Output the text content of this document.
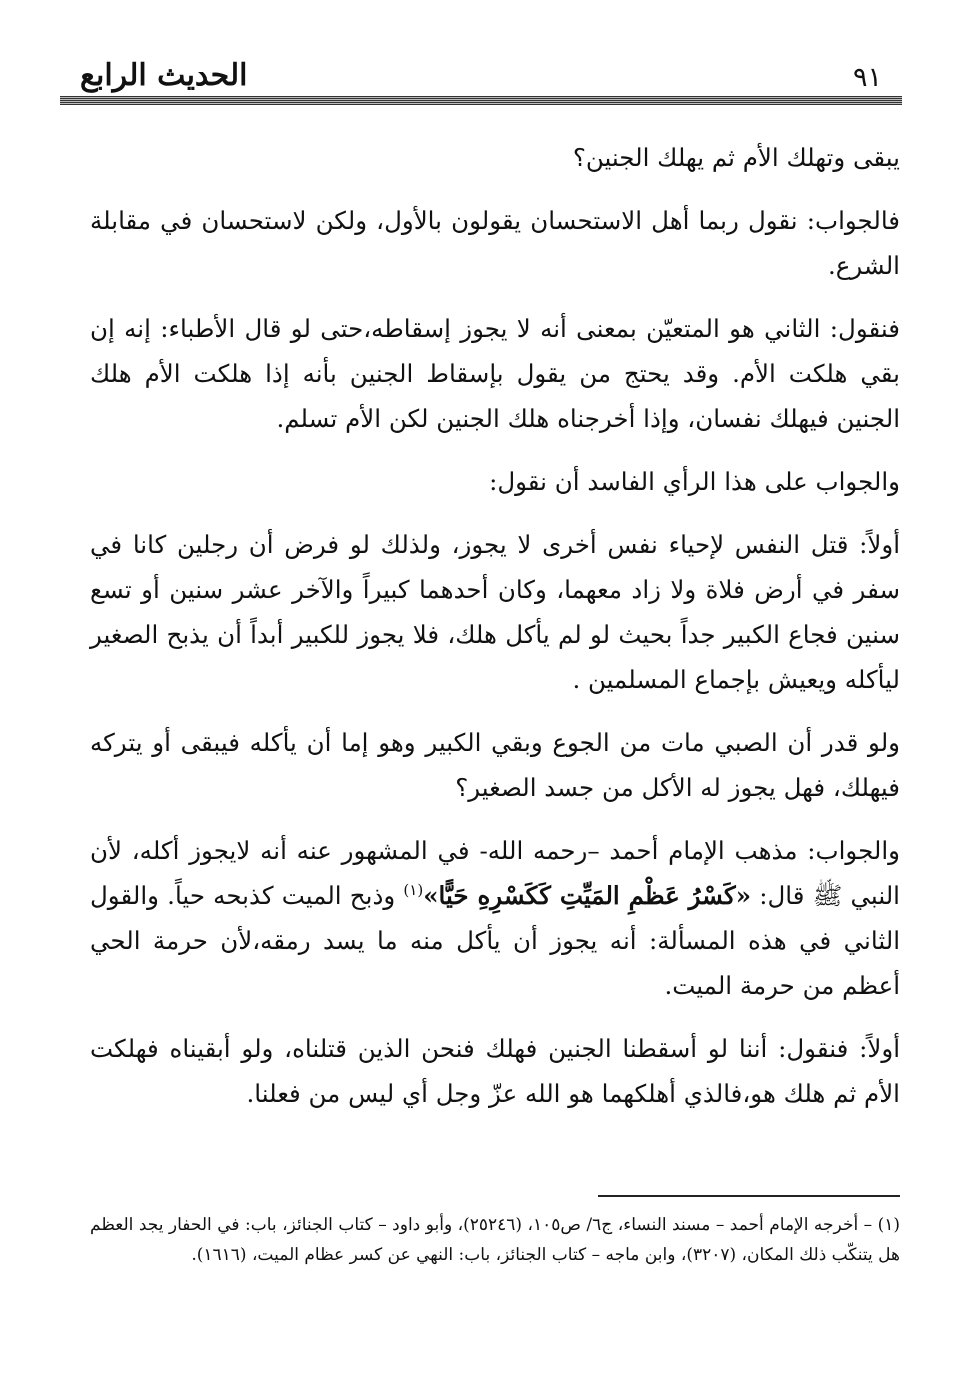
٩١
الحديث الرابع

يبقى وتهلك الأم ثم يهلك الجنين؟

فالجواب: نقول ربما أهل الاستحسان يقولون بالأول، ولكن لاستحسان في مقابلة الشرع.

فنقول: الثاني هو المتعيّن بمعنى أنه لا يجوز إسقاطه،حتى لو قال الأطباء: إنه إن بقي هلكت الأم. وقد يحتج من يقول بإسقاط الجنين بأنه إذا هلكت الأم هلك الجنين فيهلك نفسان، وإذا أخرجناه هلك الجنين لكن الأم تسلم.

والجواب على هذا الرأي الفاسد أن نقول:

أولاً: قتل النفس لإحياء نفس أخرى لا يجوز، ولذلك لو فرض أن رجلين كانا في سفر في أرض فلاة ولا زاد معهما، وكان أحدهما كبيراً والآخر عشر سنين أو تسع سنين فجاع الكبير جداً بحيث لو لم يأكل هلك، فلا يجوز للكبير أبداً أن يذبح الصغير ليأكله ويعيش بإجماع المسلمين .

ولو قدر أن الصبي مات من الجوع وبقي الكبير وهو إما أن يأكله فيبقى أو يتركه فيهلك، فهل يجوز له الأكل من جسد الصغير؟

والجواب: مذهب الإمام أحمد –رحمه الله- في المشهور عنه أنه لايجوز أكله، لأن النبي ﷺ قال: «كَسْرُ عَظْمِ المَيِّتِ كَكَسْرِهِ حَيًّا»$^{(١)}$ وذبح الميت كذبحه حياً. والقول الثاني في هذه المسألة: أنه يجوز أن يأكل منه ما يسد رمقه،لأن حرمة الحي أعظم من حرمة الميت.

أولاً: فنقول: أننا لو أسقطنا الجنين فهلك فنحن الذين قتلناه، ولو أبقيناه فهلكت الأم ثم هلك هو،فالذي أهلكهما هو الله عزّ وجل أي ليس من فعلنا.

(١) – أخرجه الإمام أحمد – مسند النساء، ج٦/ ص١٠٥، (٢٥٢٤٦)، وأبو داود – كتاب الجنائز، باب: في الحفار يجد العظم هل يتنكّب ذلك المكان، (٣٢٠٧)، وابن ماجه – كتاب الجنائز، باب: النهي عن كسر عظام الميت، (١٦١٦).
